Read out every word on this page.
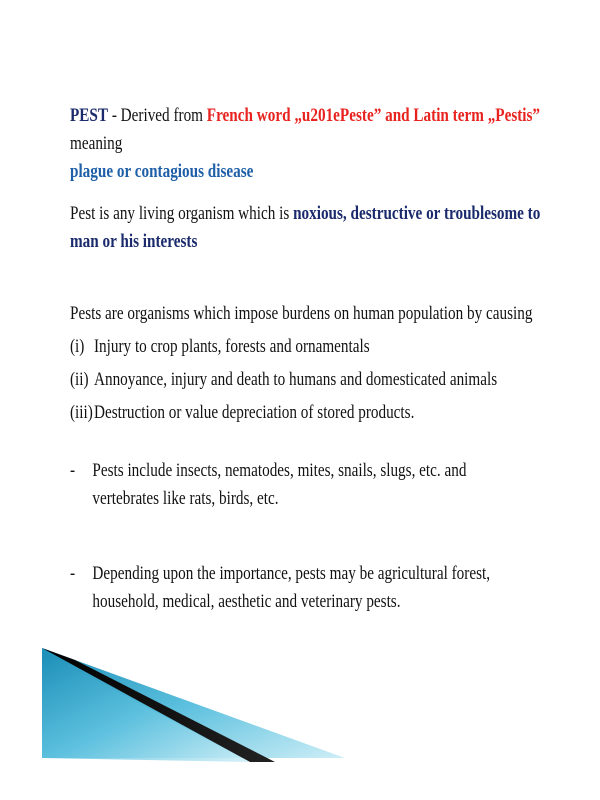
PEST - Derived from French word „u201ePeste” and Latin term „Pestis” meaning
plague or contagious disease
Pest is any living organism which is noxious, destructive or troublesome to man or his interests
Pests are organisms which impose burdens on human population by causing
(i) Injury to crop plants, forests and ornamentals
(ii) Annoyance, injury and death to humans and domesticated animals
(iii) Destruction or value depreciation of stored products.
- Pests include insects, nematodes, mites, snails, slugs, etc. and vertebrates like rats, birds, etc.
- Depending upon the importance, pests may be agricultural forest, household, medical, aesthetic and veterinary pests.
